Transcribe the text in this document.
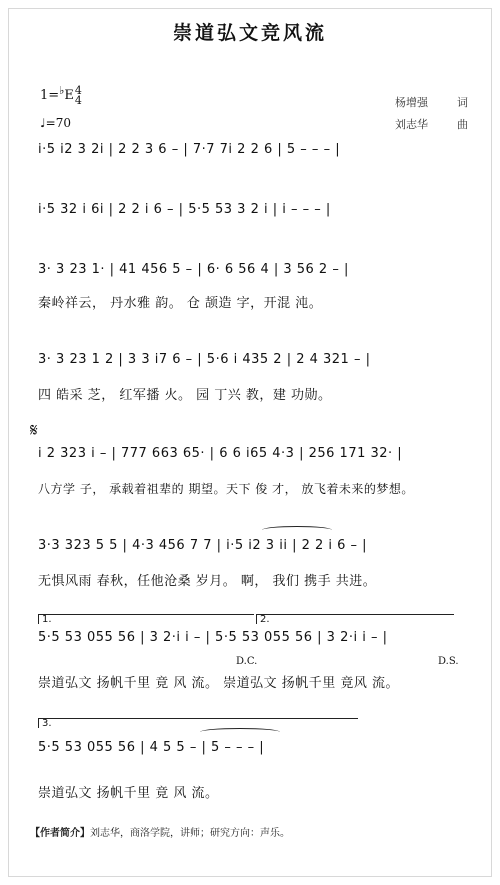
崇道弘文竞风流
1=♭E 4
4
♩=70
杨增强	词
刘志华	曲
i·5 i2 3 2i | 2 2 3 6 – | 7·7 7i 2 2 6 | 5 – – – |
i·5 32 i 6i | 2 2 i 6 – | 5·5 53 3 2 i | i – – – |
3· 3 23 1· | 41 456 5 – | 6· 6 56 4 | 3 56 2 – |
秦岭祥云， 丹水雅 韵。 仓 颉造 字，开混 沌。
3· 3 23 1 2 | 3 3 i7 6 – | 5·6 i 435 2 | 2 4 321 – |
四 皓采 芝， 红军播 火。 园 丁兴 教，建 功勋。
𝄋
i 2 323 i – | 777 663 65· | 6 6 i65 4·3 | 256 171 32· |
八方学 子， 承载着祖辈的 期望。天下 俊 才， 放飞着未来的梦想。
3·3 323 5 5 | 4·3 456 7 7 | i·5 i2 3 ii | 2 2 i 6 – |
无惧风雨 春秋，任他沧桑 岁月。 啊， 我们 携手 共进。
1.	2.
5·5 53 055 56 | 3 2·i i – | 5·5 53 055 56 | 3 2·i i – |
D.C.	D.S.
崇道弘文 扬帆千里 竟 风 流。 崇道弘文 扬帆千里 竟风 流。
3.
5·5 53 055 56 | 4 5 5 – | 5 – – – |
崇道弘文 扬帆千里 竟 风 流。
【作者简介】刘志华，商洛学院，讲师；研究方向：声乐。
